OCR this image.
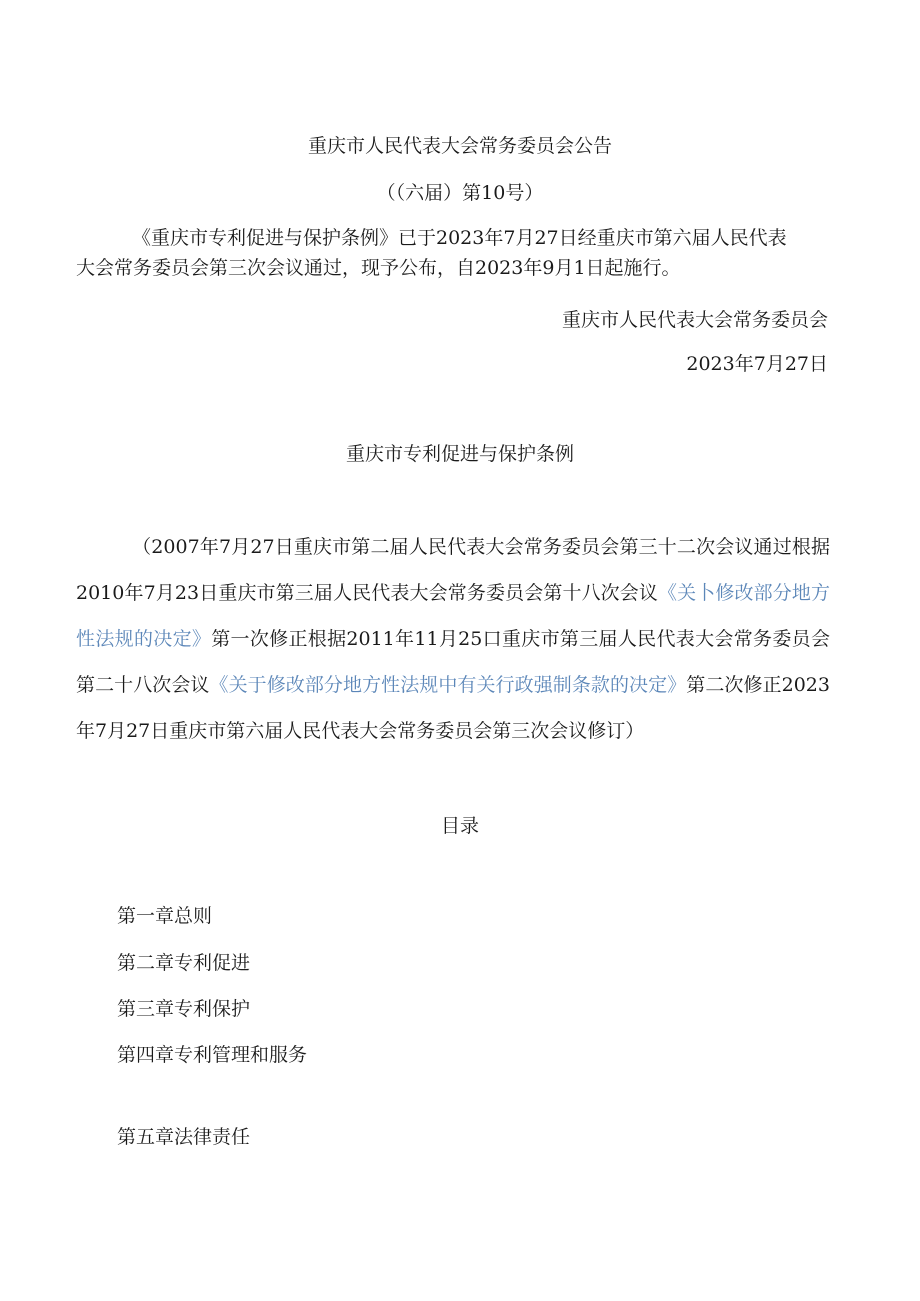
重庆市人民代表大会常务委员会公告
（（六届）第10号）
《重庆市专利促进与保护条例》已于2023年7月27日经重庆市第六届人民代表
大会常务委员会第三次会议通过，现予公布，自2023年9月1日起施行。
重庆市人民代表大会常务委员会
2023年7月27日
重庆市专利促进与保护条例
（2007年7月27日重庆市第二届人民代表大会常务委员会第三十二次会议通过根据2010年7月23日重庆市第三届人民代表大会常务委员会第十八次会议《关卜修改部分地方性法规的决定》第一次修正根据2011年11月25口重庆市第三届人民代表大会常务委员会第二十八次会议《关于修改部分地方性法规中有关行政强制条款的决定》第二次修正2023年7月27日重庆市第六届人民代表大会常务委员会第三次会议修订）
目录
第一章总则
第二章专利促进
第三章专利保护
第四章专利管理和服务
第五章法律责任
